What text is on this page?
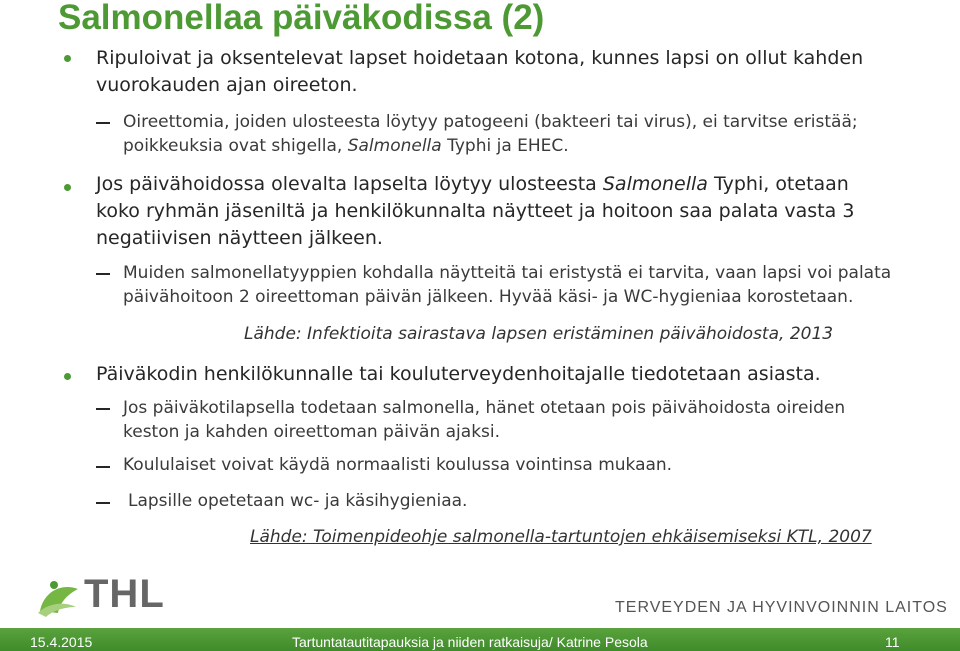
Salmonellaa päiväkodissa (2)
Ripuloivat ja oksentelevat lapset hoidetaan kotona, kunnes lapsi on ollut kahden vuorokauden ajan oireeton.
Oireettomia, joiden ulosteesta löytyy patogeeni (bakteeri tai virus), ei tarvitse eristää; poikkeuksia ovat shigella, Salmonella Typhi ja EHEC.
Jos päivähoidossa olevalta lapselta löytyy ulosteesta Salmonella Typhi, otetaan koko ryhmän jäseniltä ja henkilökunnalta näytteet ja hoitoon saa palata vasta 3 negatiivisen näytteen jälkeen.
Muiden salmonellatyyppien kohdalla näytteitä tai eristystä ei tarvita, vaan lapsi voi palata päivähoitoon 2 oireettoman päivän jälkeen. Hyvää käsi- ja WC-hygieniaa korostetaan.
Lähde: Infektioita sairastava lapsen eristäminen päivähoidosta, 2013
Päiväkodin henkilökunnalle tai kouluterveydenhoitajalle tiedotetaan asiasta.
Jos päiväkotilapsella todetaan salmonella, hänet otetaan pois päivähoidosta oireiden keston ja kahden oireettoman päivän ajaksi.
Koululaiset voivat käydä normaalisti koulussa vointinsa mukaan.
Lapsille opetetaan wc- ja käsihygieniaa.
Lähde: Toimenpideohje salmonella-tartuntojen ehkäisemiseksi KTL, 2007
THL	TERVEYDEN JA HYVINVOINNIN LAITOS
15.4.2015	Tartuntatautitapauksia ja niiden ratkaisuja/ Katrine Pesola	11
